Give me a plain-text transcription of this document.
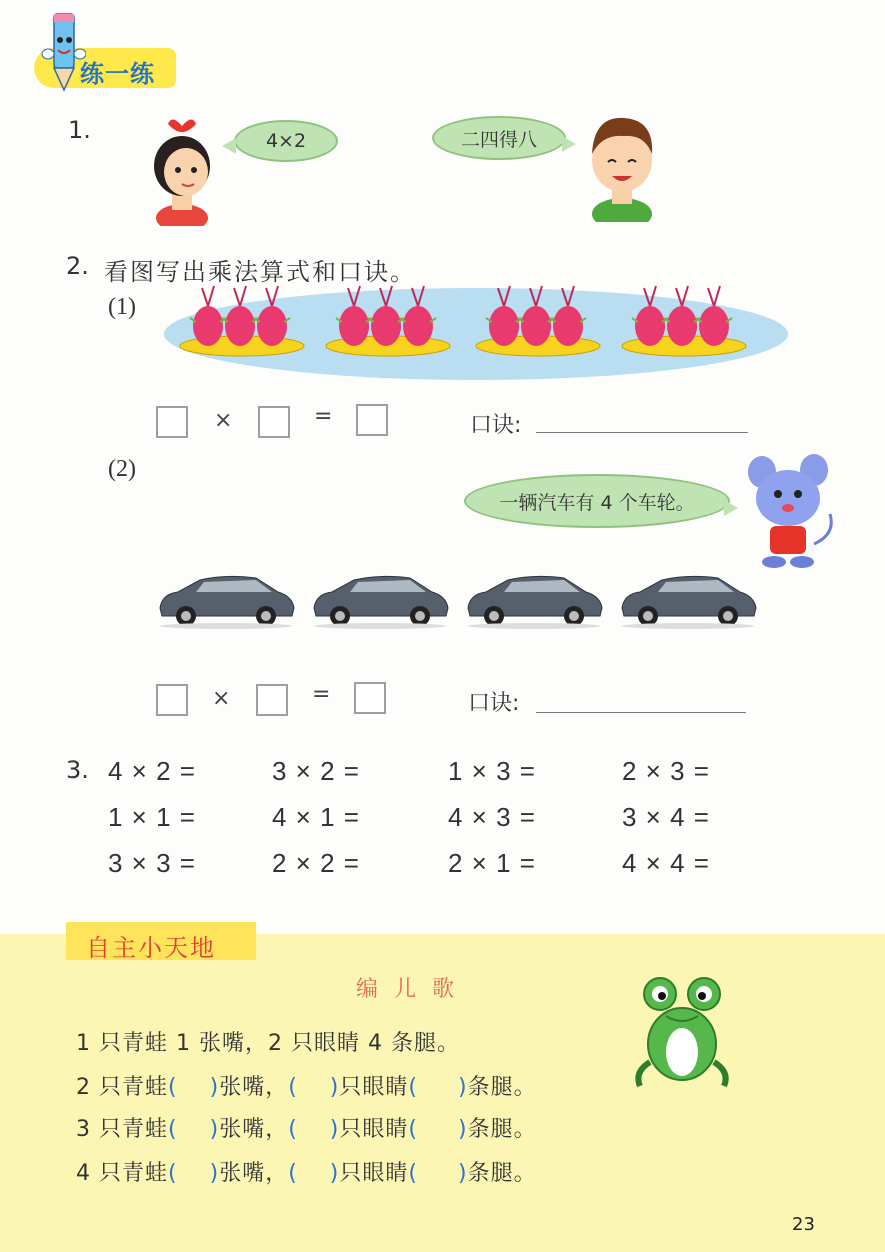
练一练
1.	4×2	二四得八
2. 看图写出乘法算式和口诀。
(1)
×	=	口诀:
(2)
一辆汽车有 4 个车轮。
×	=	口诀:
3. 4 × 2 =	3 × 2 =	1 × 3 =	2 × 3 =
1 × 1 =	4 × 1 =	4 × 3 =	3 × 4 =
3 × 3 =	2 × 2 =	2 × 1 =	4 × 4 =
自主小天地
编儿歌
1 只青蛙 1 张嘴，2 只眼睛 4 条腿。
2 只青蛙( )张嘴，( )只眼睛( )条腿。
3 只青蛙( )张嘴，( )只眼睛( )条腿。
4 只青蛙( )张嘴，( )只眼睛( )条腿。
23
